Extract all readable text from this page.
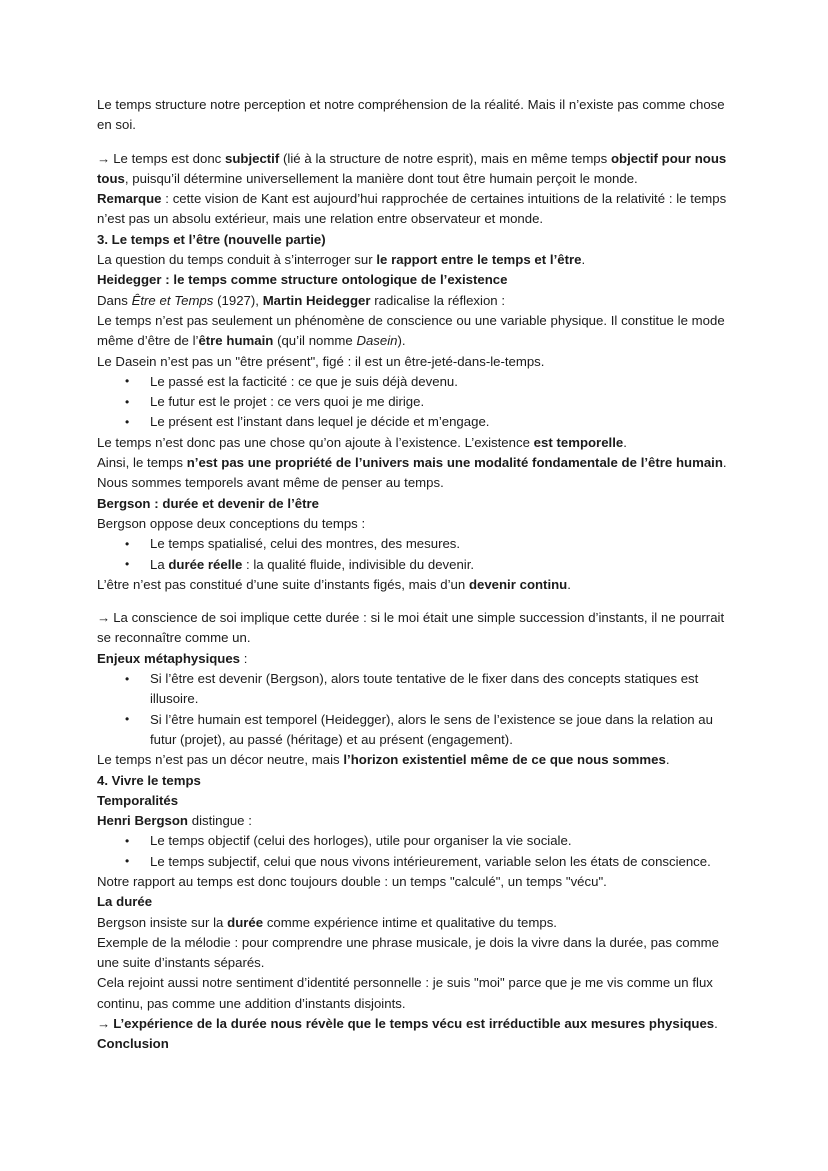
Le temps structure notre perception et notre compréhension de la réalité. Mais il n’existe pas comme chose en soi.

→ Le temps est donc subjectif (lié à la structure de notre esprit), mais en même temps objectif pour nous tous, puisqu’il détermine universellement la manière dont tout être humain perçoit le monde.

Remarque : cette vision de Kant est aujourd’hui rapprochée de certaines intuitions de la relativité : le temps n’est pas un absolu extérieur, mais une relation entre observateur et monde.

3. Le temps et l’être (nouvelle partie)

La question du temps conduit à s’interroger sur le rapport entre le temps et l’être.

Heidegger : le temps comme structure ontologique de l’existence

Dans Être et Temps (1927), Martin Heidegger radicalise la réflexion :

Le temps n’est pas seulement un phénomène de conscience ou une variable physique. Il constitue le mode même d’être de l’être humain (qu’il nomme Dasein).

Le Dasein n’est pas un "être présent", figé : il est un être-jeté-dans-le-temps.

• Le passé est la facticité : ce que je suis déjà devenu.
• Le futur est le projet : ce vers quoi je me dirige.
• Le présent est l’instant dans lequel je décide et m’engage.

Le temps n’est donc pas une chose qu’on ajoute à l’existence. L’existence est temporelle.

Ainsi, le temps n’est pas une propriété de l’univers mais une modalité fondamentale de l’être humain. Nous sommes temporels avant même de penser au temps.

Bergson : durée et devenir de l’être

Bergson oppose deux conceptions du temps :

• Le temps spatialisé, celui des montres, des mesures.
• La durée réelle : la qualité fluide, indivisible du devenir.

L’être n’est pas constitué d’une suite d’instants figés, mais d’un devenir continu.

→ La conscience de soi implique cette durée : si le moi était une simple succession d’instants, il ne pourrait se reconnaître comme un.

Enjeux métaphysiques :

• Si l’être est devenir (Bergson), alors toute tentative de le fixer dans des concepts statiques est illusoire.
• Si l’être humain est temporel (Heidegger), alors le sens de l’existence se joue dans la relation au futur (projet), au passé (héritage) et au présent (engagement).

Le temps n’est pas un décor neutre, mais l’horizon existentiel même de ce que nous sommes.

4. Vivre le temps

Temporalités

Henri Bergson distingue :

• Le temps objectif (celui des horloges), utile pour organiser la vie sociale.
• Le temps subjectif, celui que nous vivons intérieurement, variable selon les états de conscience.

Notre rapport au temps est donc toujours double : un temps "calculé", un temps "vécu".

La durée

Bergson insiste sur la durée comme expérience intime et qualitative du temps.

Exemple de la mélodie : pour comprendre une phrase musicale, je dois la vivre dans la durée, pas comme une suite d’instants séparés.

Cela rejoint aussi notre sentiment d’identité personnelle : je suis "moi" parce que je me vis comme un flux continu, pas comme une addition d’instants disjoints.

→ L’expérience de la durée nous révèle que le temps vécu est irréductible aux mesures physiques.

Conclusion
